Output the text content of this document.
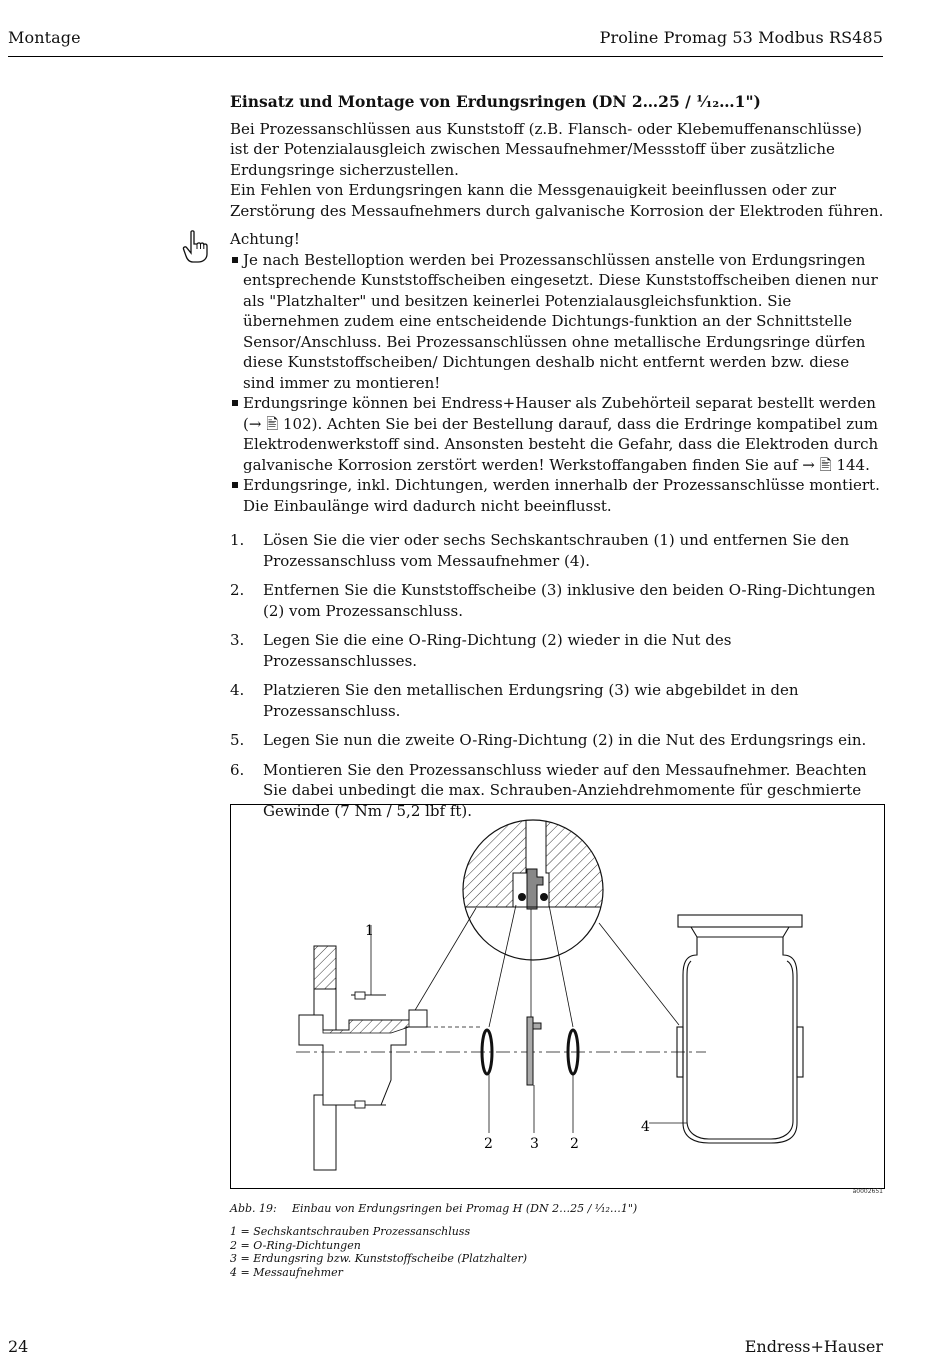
Montage	Proline Promag 53 Modbus RS485
Einsatz und Montage von Erdungsringen (DN 2…25 / ¹⁄₁₂…1")

Bei Prozessanschlüssen aus Kunststoff (z.B. Flansch- oder Klebemuffenanschlüsse) ist der Potenzialausgleich zwischen Messaufnehmer/Messstoff über zusätzliche Erdungsringe sicherzustellen.

Ein Fehlen von Erdungsringen kann die Messgenauigkeit beeinflussen oder zur Zerstörung des Messaufnehmers durch galvanische Korrosion der Elektroden führen.

Achtung!
Je nach Bestelloption werden bei Prozessanschlüssen anstelle von Erdungsringen entsprechende Kunststoffscheiben eingesetzt. Diese Kunststoffscheiben dienen nur als "Platzhalter" und besitzen keinerlei Potenzialausgleichsfunktion. Sie übernehmen zudem eine entscheidende Dichtungs-funktion an der Schnittstelle Sensor/Anschluss. Bei Prozessanschlüssen ohne metallische Erdungsringe dürfen diese Kunststoffscheiben/ Dichtungen deshalb nicht entfernt werden bzw. diese sind immer zu montieren!
Erdungsringe können bei Endress+Hauser als Zubehörteil separat bestellt werden (→ 🖹 102). Achten Sie bei der Bestellung darauf, dass die Erdringe kompatibel zum Elektrodenwerkstoff sind. Ansonsten besteht die Gefahr, dass die Elektroden durch galvanische Korrosion zerstört werden! Werkstoffangaben finden Sie auf → 🖹 144.
Erdungsringe, inkl. Dichtungen, werden innerhalb der Prozessanschlüsse montiert. Die Einbaulänge wird dadurch nicht beeinflusst.
1. Lösen Sie die vier oder sechs Sechskantschrauben (1) und entfernen Sie den Prozessanschluss vom Messaufnehmer (4).
2. Entfernen Sie die Kunststoffscheibe (3) inklusive den beiden O-Ring-Dichtungen (2) vom Prozessanschluss.
3. Legen Sie die eine O-Ring-Dichtung (2) wieder in die Nut des Prozessanschlusses.
4. Platzieren Sie den metallischen Erdungsring (3) wie abgebildet in den Prozessanschluss.
5. Legen Sie nun die zweite O-Ring-Dichtung (2) in die Nut des Erdungsrings ein.
6. Montieren Sie den Prozessanschluss wieder auf den Messaufnehmer. Beachten Sie dabei unbedingt die max. Schrauben-Anziehdrehmomente für geschmierte Gewinde (7 Nm / 5,2 lbf ft).
1
2	3 2
4
a0002651
Abb. 19: Einbau von Erdungsringen bei Promag H (DN 2…25 / ¹⁄₁₂…1")
1 = Sechskantschrauben Prozessanschluss
2 = O-Ring-Dichtungen
3 = Erdungsring bzw. Kunststoffscheibe (Platzhalter)
4 = Messaufnehmer
24	Endress+Hauser
